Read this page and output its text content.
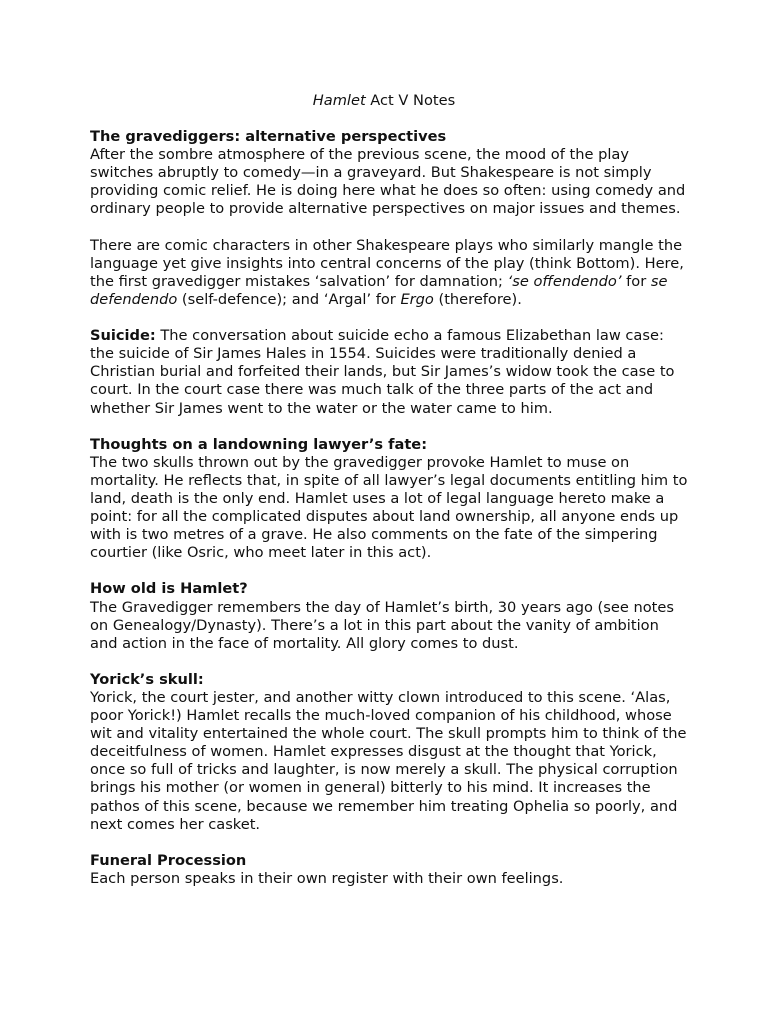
Hamlet Act V Notes

The gravediggers: alternative perspectives

After the sombre atmosphere of the previous scene, the mood of the play switches abruptly to comedy—in a graveyard. But Shakespeare is not simply providing comic relief. He is doing here what he does so often: using comedy and ordinary people to provide alternative perspectives on major issues and themes.

There are comic characters in other Shakespeare plays who similarly mangle the language yet give insights into central concerns of the play (think Bottom). Here, the first gravedigger mistakes ‘salvation’ for damnation; ‘se offendendo’ for se defendendo (self-defence); and ‘Argal’ for Ergo (therefore).

Suicide: The conversation about suicide echo a famous Elizabethan law case: the suicide of Sir James Hales in 1554. Suicides were traditionally denied a Christian burial and forfeited their lands, but Sir James’s widow took the case to court. In the court case there was much talk of the three parts of the act and whether Sir James went to the water or the water came to him.

Thoughts on a landowning lawyer’s fate:

The two skulls thrown out by the gravedigger provoke Hamlet to muse on mortality. He reflects that, in spite of all lawyer’s legal documents entitling him to land, death is the only end. Hamlet uses a lot of legal language hereto make a point: for all the complicated disputes about land ownership, all anyone ends up with is two metres of a grave. He also comments on the fate of the simpering courtier (like Osric, who meet later in this act).

How old is Hamlet?

The Gravedigger remembers the day of Hamlet’s birth, 30 years ago (see notes on Genealogy/Dynasty). There’s a lot in this part about the vanity of ambition and action in the face of mortality. All glory comes to dust.

Yorick’s skull:

Yorick, the court jester, and another witty clown introduced to this scene. ‘Alas, poor Yorick!) Hamlet recalls the much-loved companion of his childhood, whose wit and vitality entertained the whole court. The skull prompts him to think of the deceitfulness of women. Hamlet expresses disgust at the thought that Yorick, once so full of tricks and laughter, is now merely a skull. The physical corruption brings his mother (or women in general) bitterly to his mind. It increases the pathos of this scene, because we remember him treating Ophelia so poorly, and next comes her casket.

Funeral Procession

Each person speaks in their own register with their own feelings.
